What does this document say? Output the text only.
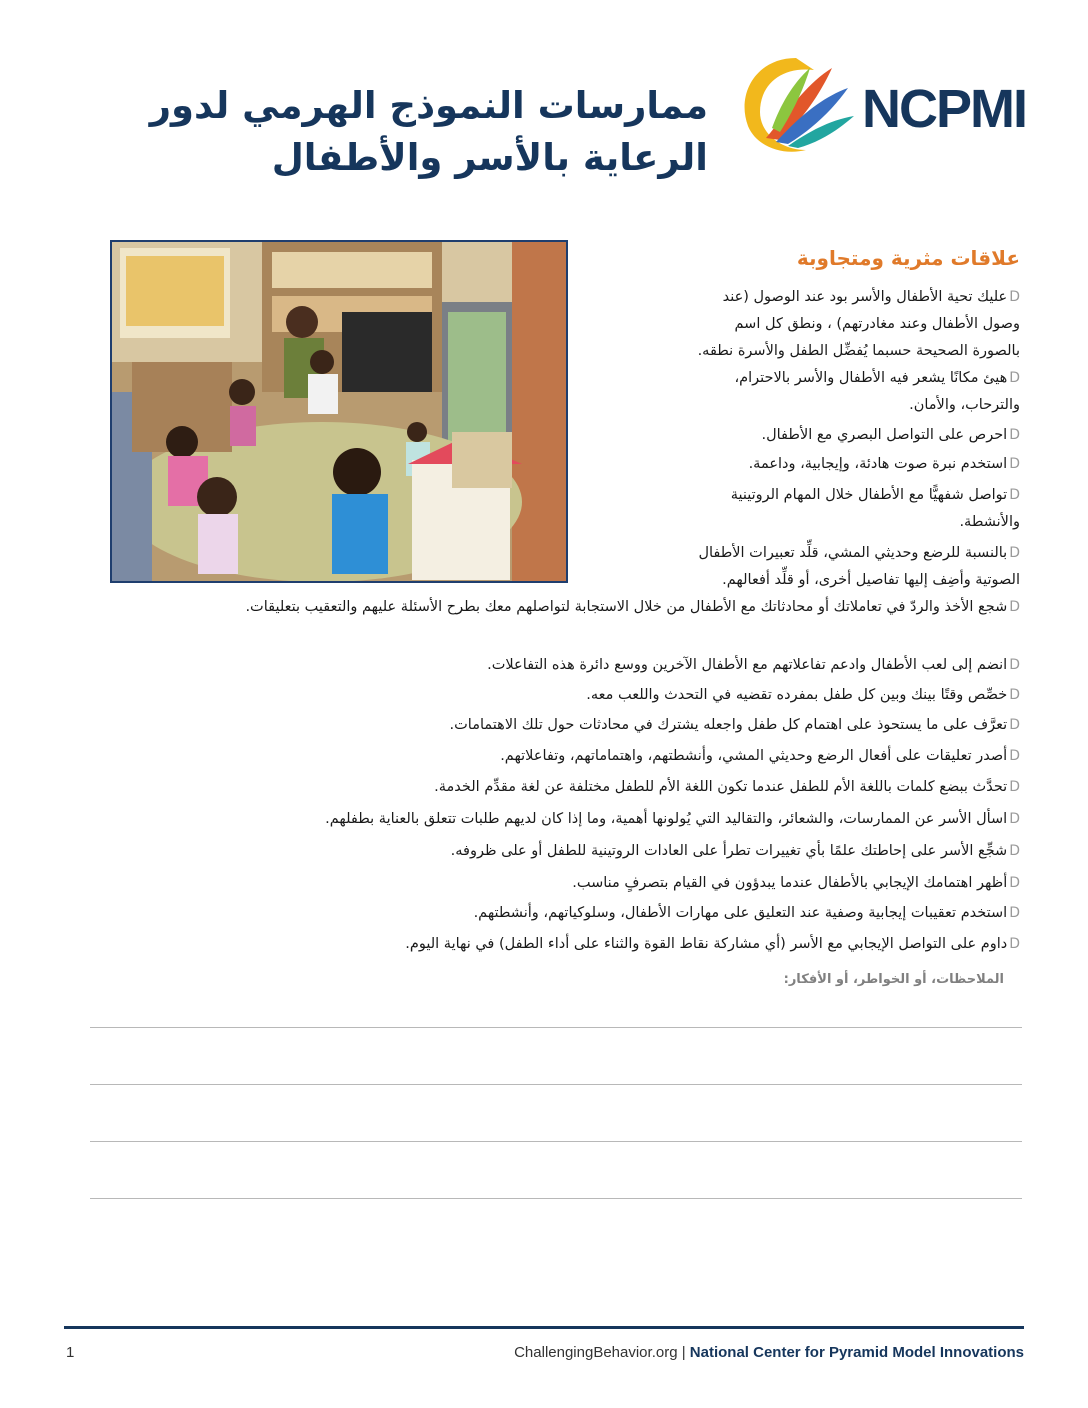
NCPMI
ممارسات النموذج الهرمي لدور
الرعاية بالأسر والأطفال
علاقات مثرية ومتجاوبة
Dعليك تحية الأطفال والأسر بود عند الوصول (عند
وصول الأطفال وعند مغادرتهم) ، ونطق كل اسم
بالصورة الصحيحة حسبما يُفضِّل الطفل والأسرة نطقه.
Dهيئ مكانًا يشعر فيه الأطفال والأسر بالاحترام،
والترحاب، والأمان.
Dاحرص على التواصل البصري مع الأطفال.
Dاستخدم نبرة صوت هادئة، وإيجابية، وداعمة.
Dتواصل شفهيًّا مع الأطفال خلال المهام الروتينية
والأنشطة.
Dبالنسبة للرضع وحديثي المشي، قلِّد تعبيرات الأطفال
الصوتية وأضِف إليها تفاصيل أخرى، أو قلِّد أفعالهم.
Dشجع الأخذ والردّ في تعاملاتك أو محادثاتك مع الأطفال من خلال الاستجابة لتواصلهم معك بطرح الأسئلة عليهم والتعقيب بتعليقات.
Dانضم إلى لعب الأطفال وادعم تفاعلاتهم مع الأطفال الآخرين ووسع دائرة هذه التفاعلات.
Dخصِّص وقتًا بينك وبين كل طفل بمفرده تقضيه في التحدث واللعب معه.
Dتعرَّف على ما يستحوذ على اهتمام كل طفل واجعله يشترك في محادثات حول تلك الاهتمامات.
Dأصدر تعليقات على أفعال الرضع وحديثي المشي، وأنشطتهم، واهتماماتهم، وتفاعلاتهم.
Dتحدَّث ببضع كلمات باللغة الأم للطفل عندما تكون اللغة الأم للطفل مختلفة عن لغة مقدِّم الخدمة.
Dاسأل الأسر عن الممارسات، والشعائر، والتقاليد التي يُولونها أهمية، وما إذا كان لديهم طلبات تتعلق بالعناية بطفلهم.
Dشجِّع الأسر على إحاطتك علمًا بأي تغييرات تطرأ على العادات الروتينية للطفل أو على ظروفه.
Dأظهر اهتمامك الإيجابي بالأطفال عندما يبدؤون في القيام بتصرفٍ مناسب.
Dاستخدم تعقيبات إيجابية وصفية عند التعليق على مهارات الأطفال، وسلوكياتهم، وأنشطتهم.
Dداوم على التواصل الإيجابي مع الأسر (أي مشاركة نقاط القوة والثناء على أداء الطفل) في نهاية اليوم.
الملاحظات، أو الخواطر، أو الأفكار:
1	ChallengingBehavior.org | National Center for Pyramid Model Innovations
